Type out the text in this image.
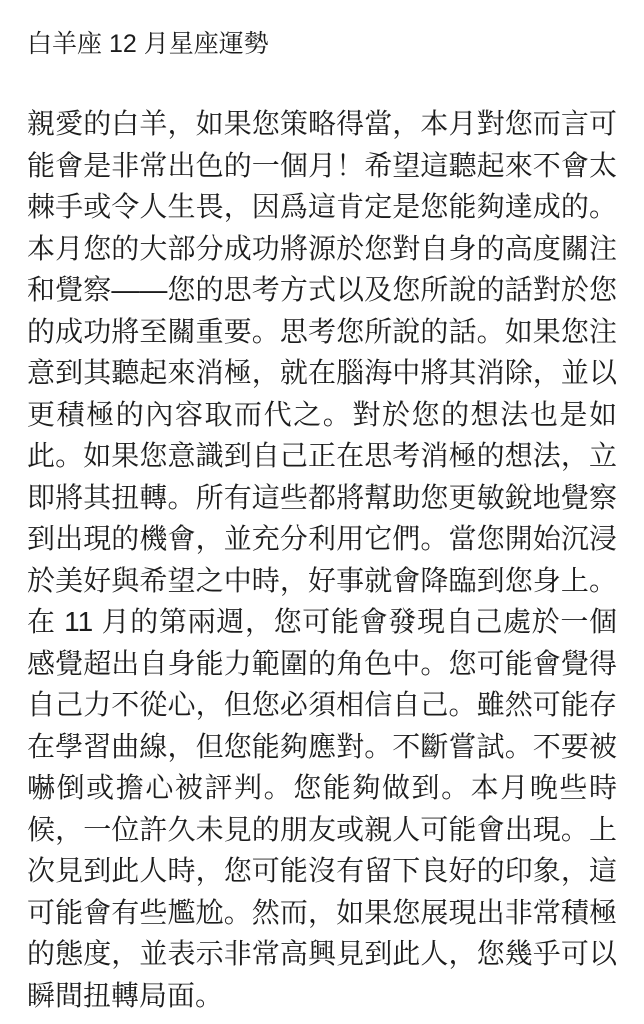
白羊座 12 月星座運勢
親愛的白羊，如果您策略得當，本月對您而言可
能會是非常出色的一個月！希望這聽起來不會太
棘手或令人生畏，因爲這肯定是您能夠達成的。
本月您的大部分成功將源於您對自身的高度關注
和覺察——您的思考方式以及您所說的話對於您
的成功將至關重要。思考您所說的話。如果您注
意到其聽起來消極，就在腦海中將其消除，並以
更積極的內容取而代之。對於您的想法也是如
此。如果您意識到自己正在思考消極的想法，立
即將其扭轉。所有這些都將幫助您更敏銳地覺察
到出現的機會，並充分利用它們。當您開始沉浸
於美好與希望之中時，好事就會降臨到您身上。
在 11 月的第兩週，您可能會發現自己處於一個
感覺超出自身能力範圍的角色中。您可能會覺得
自己力不從心，但您必須相信自己。雖然可能存
在學習曲線，但您能夠應對。不斷嘗試。不要被
嚇倒或擔心被評判。您能夠做到。本月晚些時
候，一位許久未見的朋友或親人可能會出現。上
次見到此人時，您可能沒有留下良好的印象，這
可能會有些尷尬。然而，如果您展現出非常積極
的態度，並表示非常高興見到此人，您幾乎可以
瞬間扭轉局面。
